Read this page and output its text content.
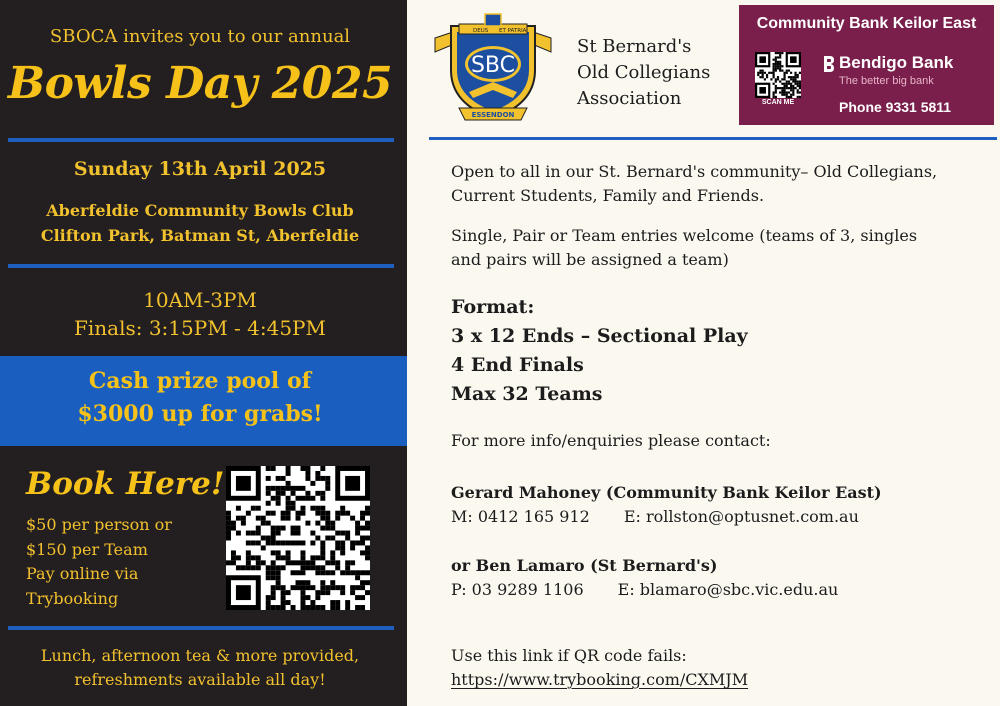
SBOCA invites you to our annual
Bowls Day 2025
Sunday 13th April 2025
Aberfeldie Community Bowls Club
Clifton Park, Batman St, Aberfeldie
10AM-3PM
Finals: 3:15PM - 4:45PM
Cash prize pool of
$3000 up for grabs!
Book Here!
$50 per person or
$150 per Team
Pay online via
Trybooking
Lunch, afternoon tea & more provided,
refreshments available all day!
DEUS ET PATRIA
SBC
ESSENDON
St Bernard's
Old Collegians
Association
Community Bank Keilor East
SCAN ME
Bendigo Bank
The better big bank
Phone 9331 5811
Open to all in our St. Bernard's community– Old Collegians,
Current Students, Family and Friends.
Single, Pair or Team entries welcome (teams of 3, singles
and pairs will be assigned a team)
Format:
3 x 12 Ends – Sectional Play
4 End Finals
Max 32 Teams
For more info/enquiries please contact:
Gerard Mahoney (Community Bank Keilor East)
M: 0412 165 912 E: rollston@optusnet.com.au
or Ben Lamaro (St Bernard's)
P: 03 9289 1106 E: blamaro@sbc.vic.edu.au
Use this link if QR code fails:
https://www.trybooking.com/CXMJM
